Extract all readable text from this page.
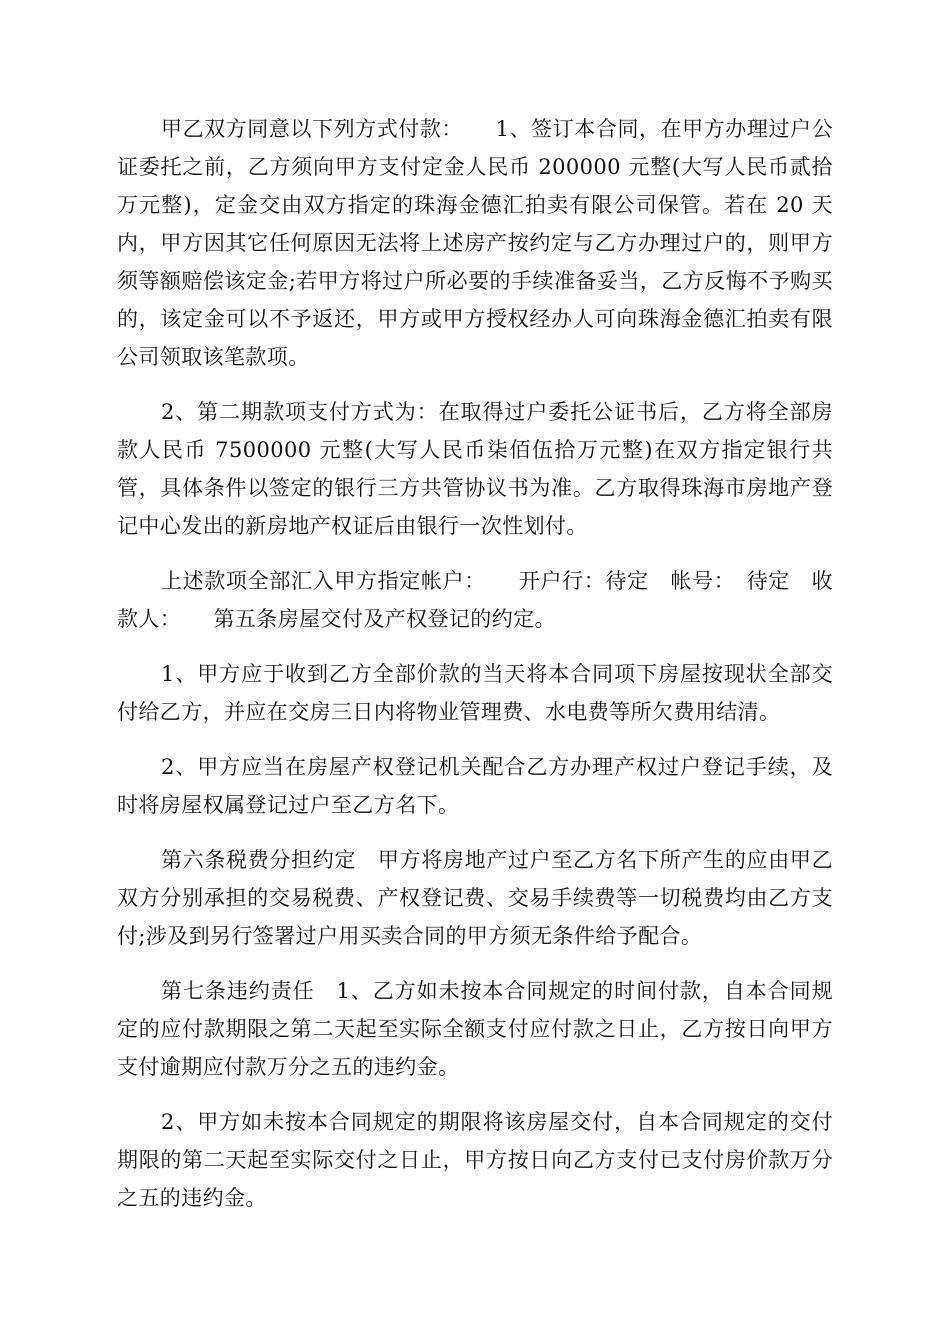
甲乙双方同意以下列方式付款：　　1、签订本合同，在甲方办理过户公证委托之前，乙方须向甲方支付定金人民币 200000 元整(大写人民币贰拾万元整)，定金交由双方指定的珠海金德汇拍卖有限公司保管。若在 20 天内，甲方因其它任何原因无法将上述房产按约定与乙方办理过户的，则甲方须等额赔偿该定金;若甲方将过户所必要的手续准备妥当，乙方反悔不予购买的，该定金可以不予返还，甲方或甲方授权经办人可向珠海金德汇拍卖有限公司领取该笔款项。

2、第二期款项支付方式为：在取得过户委托公证书后，乙方将全部房款人民币 7500000 元整(大写人民币柒佰伍拾万元整)在双方指定银行共管，具体条件以签定的银行三方共管协议书为准。乙方取得珠海市房地产登记中心发出的新房地产权证后由银行一次性划付。

上述款项全部汇入甲方指定帐户：　　开户行：待定　帐号：　待定　收款人：　　第五条房屋交付及产权登记的约定。

1、甲方应于收到乙方全部价款的当天将本合同项下房屋按现状全部交付给乙方，并应在交房三日内将物业管理费、水电费等所欠费用结清。

2、甲方应当在房屋产权登记机关配合乙方办理产权过户登记手续，及时将房屋权属登记过户至乙方名下。

第六条税费分担约定　甲方将房地产过户至乙方名下所产生的应由甲乙双方分别承担的交易税费、产权登记费、交易手续费等一切税费均由乙方支付;涉及到另行签署过户用买卖合同的甲方须无条件给予配合。

第七条违约责任　1、乙方如未按本合同规定的时间付款，自本合同规定的应付款期限之第二天起至实际全额支付应付款之日止，乙方按日向甲方支付逾期应付款万分之五的违约金。

2、甲方如未按本合同规定的期限将该房屋交付，自本合同规定的交付期限的第二天起至实际交付之日止，甲方按日向乙方支付已支付房价款万分之五的违约金。
